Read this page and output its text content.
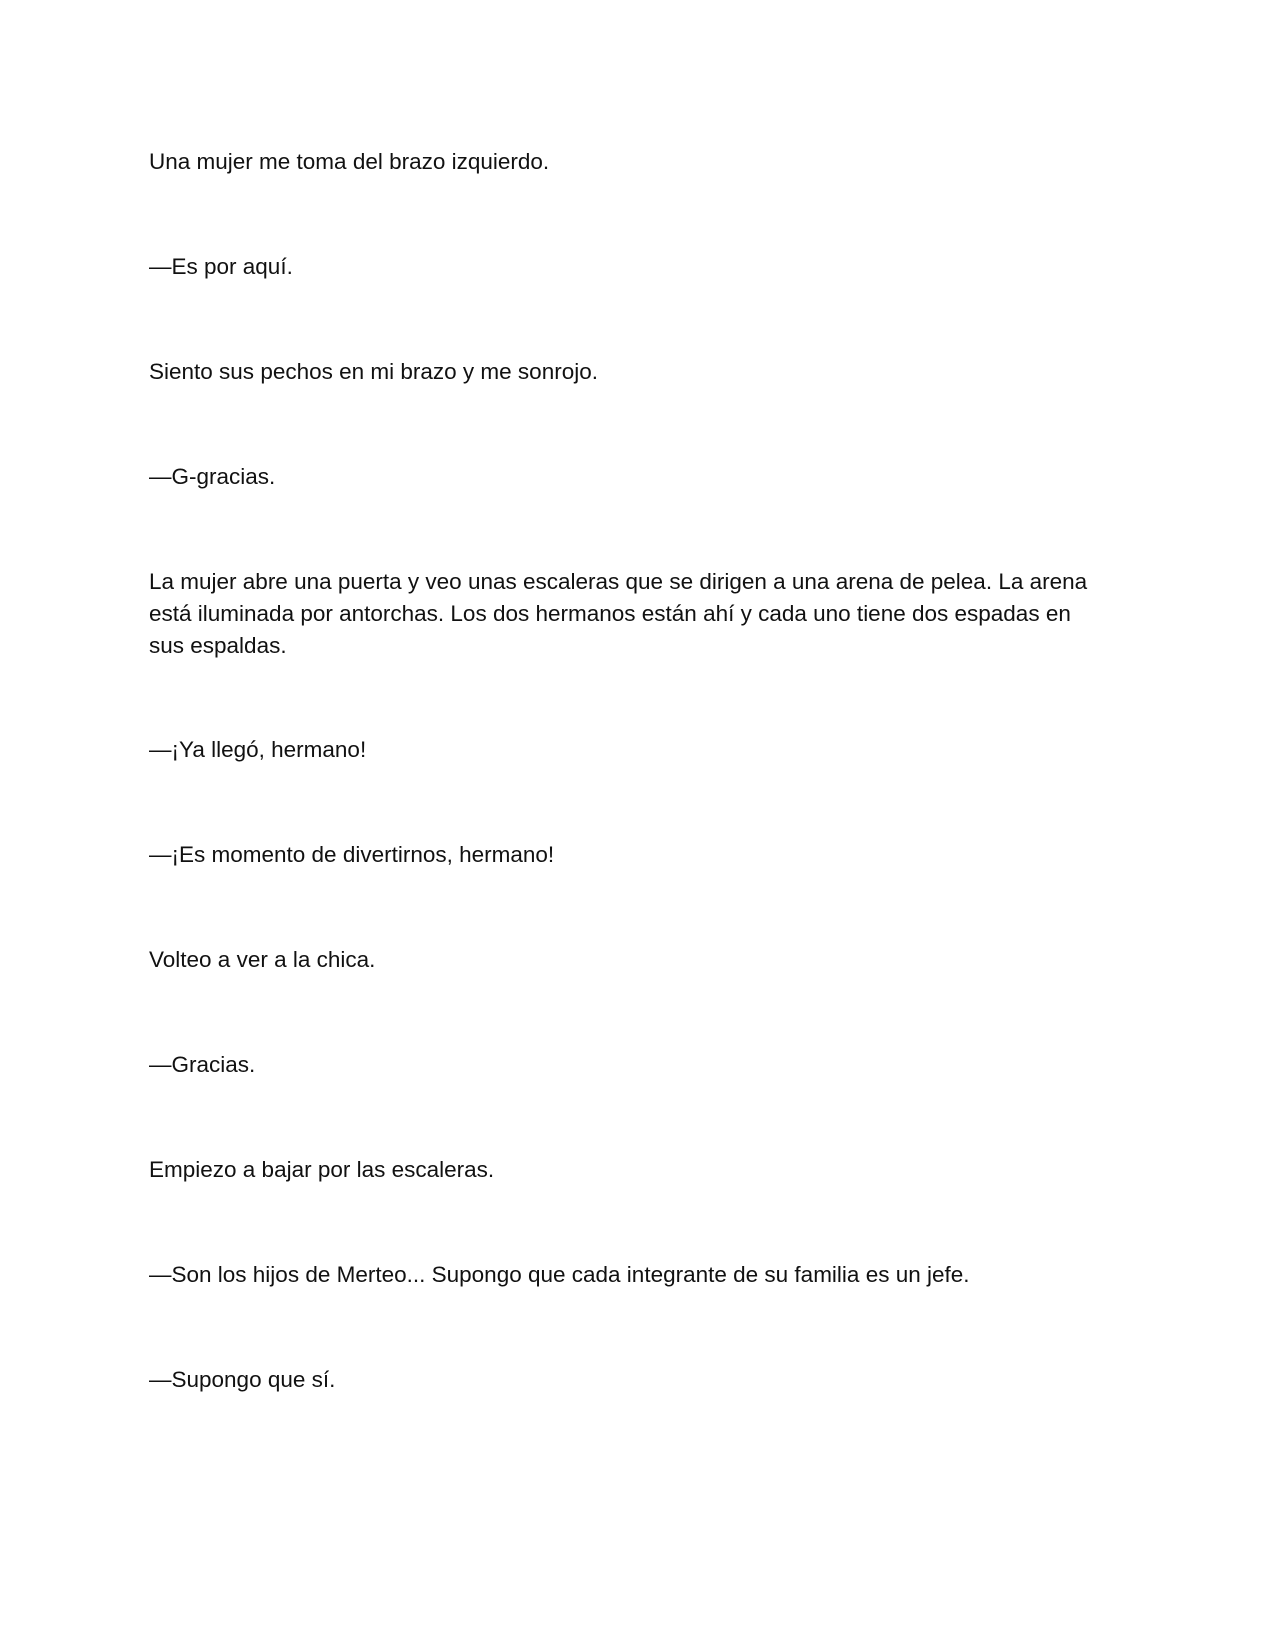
Una mujer me toma del brazo izquierdo.

—Es por aquí.

Siento sus pechos en mi brazo y me sonrojo.

—G-gracias.

La mujer abre una puerta y veo unas escaleras que se dirigen a una arena de pelea. La arena está iluminada por antorchas. Los dos hermanos están ahí y cada uno tiene dos espadas en sus espaldas.

—¡Ya llegó, hermano!

—¡Es momento de divertirnos, hermano!

Volteo a ver a la chica.

—Gracias.

Empiezo a bajar por las escaleras.

—Son los hijos de Merteo... Supongo que cada integrante de su familia es un jefe.

—Supongo que sí.
